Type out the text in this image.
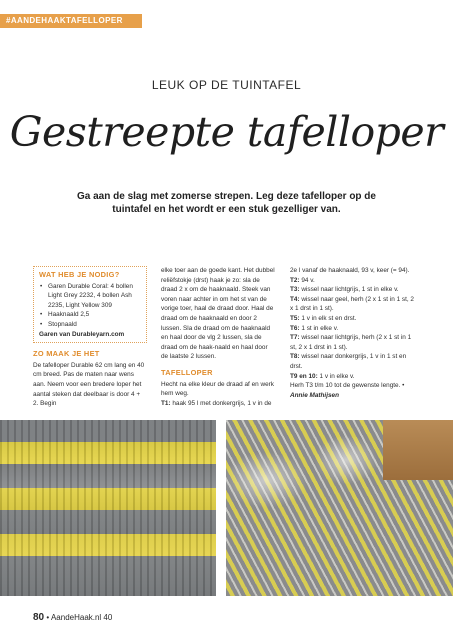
#AANDEHAAKTAFELLOPER
LEUK OP DE TUINTAFEL
Gestreepte tafelloper
Ga aan de slag met zomerse strepen. Leg deze tafelloper op de tuintafel en het wordt er een stuk gezelliger van.
WAT HEB JE NODIG?
• Garen Durable Coral: 4 bollen Light Grey 2232, 4 bollen Ash 2235, Light Yellow 309
• Haaknaald 2,5
• Stopnaald
Garen van Durableyarn.com
ZO MAAK JE HET
De tafelloper Durable 62 cm lang en 40 cm breed. Pas de maten naar wens aan. Neem voor een bredere loper het aantal steken dat deelbaar is door 4 + 2. Begin
elke toer aan de goede kant. Het dubbel reliëfstokje (drst) haak je zo: sla de draad 2 x om de haaknaald. Steek van voren naar achter in om het st van de vorige toer, haal de draad door. Haal de draad om de haaknaald en door 2 lussen. Sla de draad om de haaknaald en haal door de vlg 2 lussen, sla de draad om de haak-naald en haal door de laatste 2 lussen.
TAFELLOPER
Hecht na elke kleur de draad af en werk hem weg.
T1: haak 95 l met donkergrijs, 1 v in de
2e l vanaf de haaknaald, 93 v, keer (= 94).
T2: 94 v.
T3: wissel naar lichtgrijs, 1 st in elke v.
T4: wissel naar geel, herh (2 x 1 st in 1 st, 2 x 1 drst in 1 st).
T5: 1 v in elk st en drst.
T6: 1 st in elke v.
T7: wissel naar lichtgrijs, herh (2 x 1 st in 1 st, 2 x 1 drst in 1 st).
T8: wissel naar donkergrijs, 1 v in 1 st en drst.
T9 en 10: 1 v in elke v.
Herh T3 t/m 10 tot de gewenste lengte. •
Annie Mathijsen
80 • AandeHaak.nl 40
